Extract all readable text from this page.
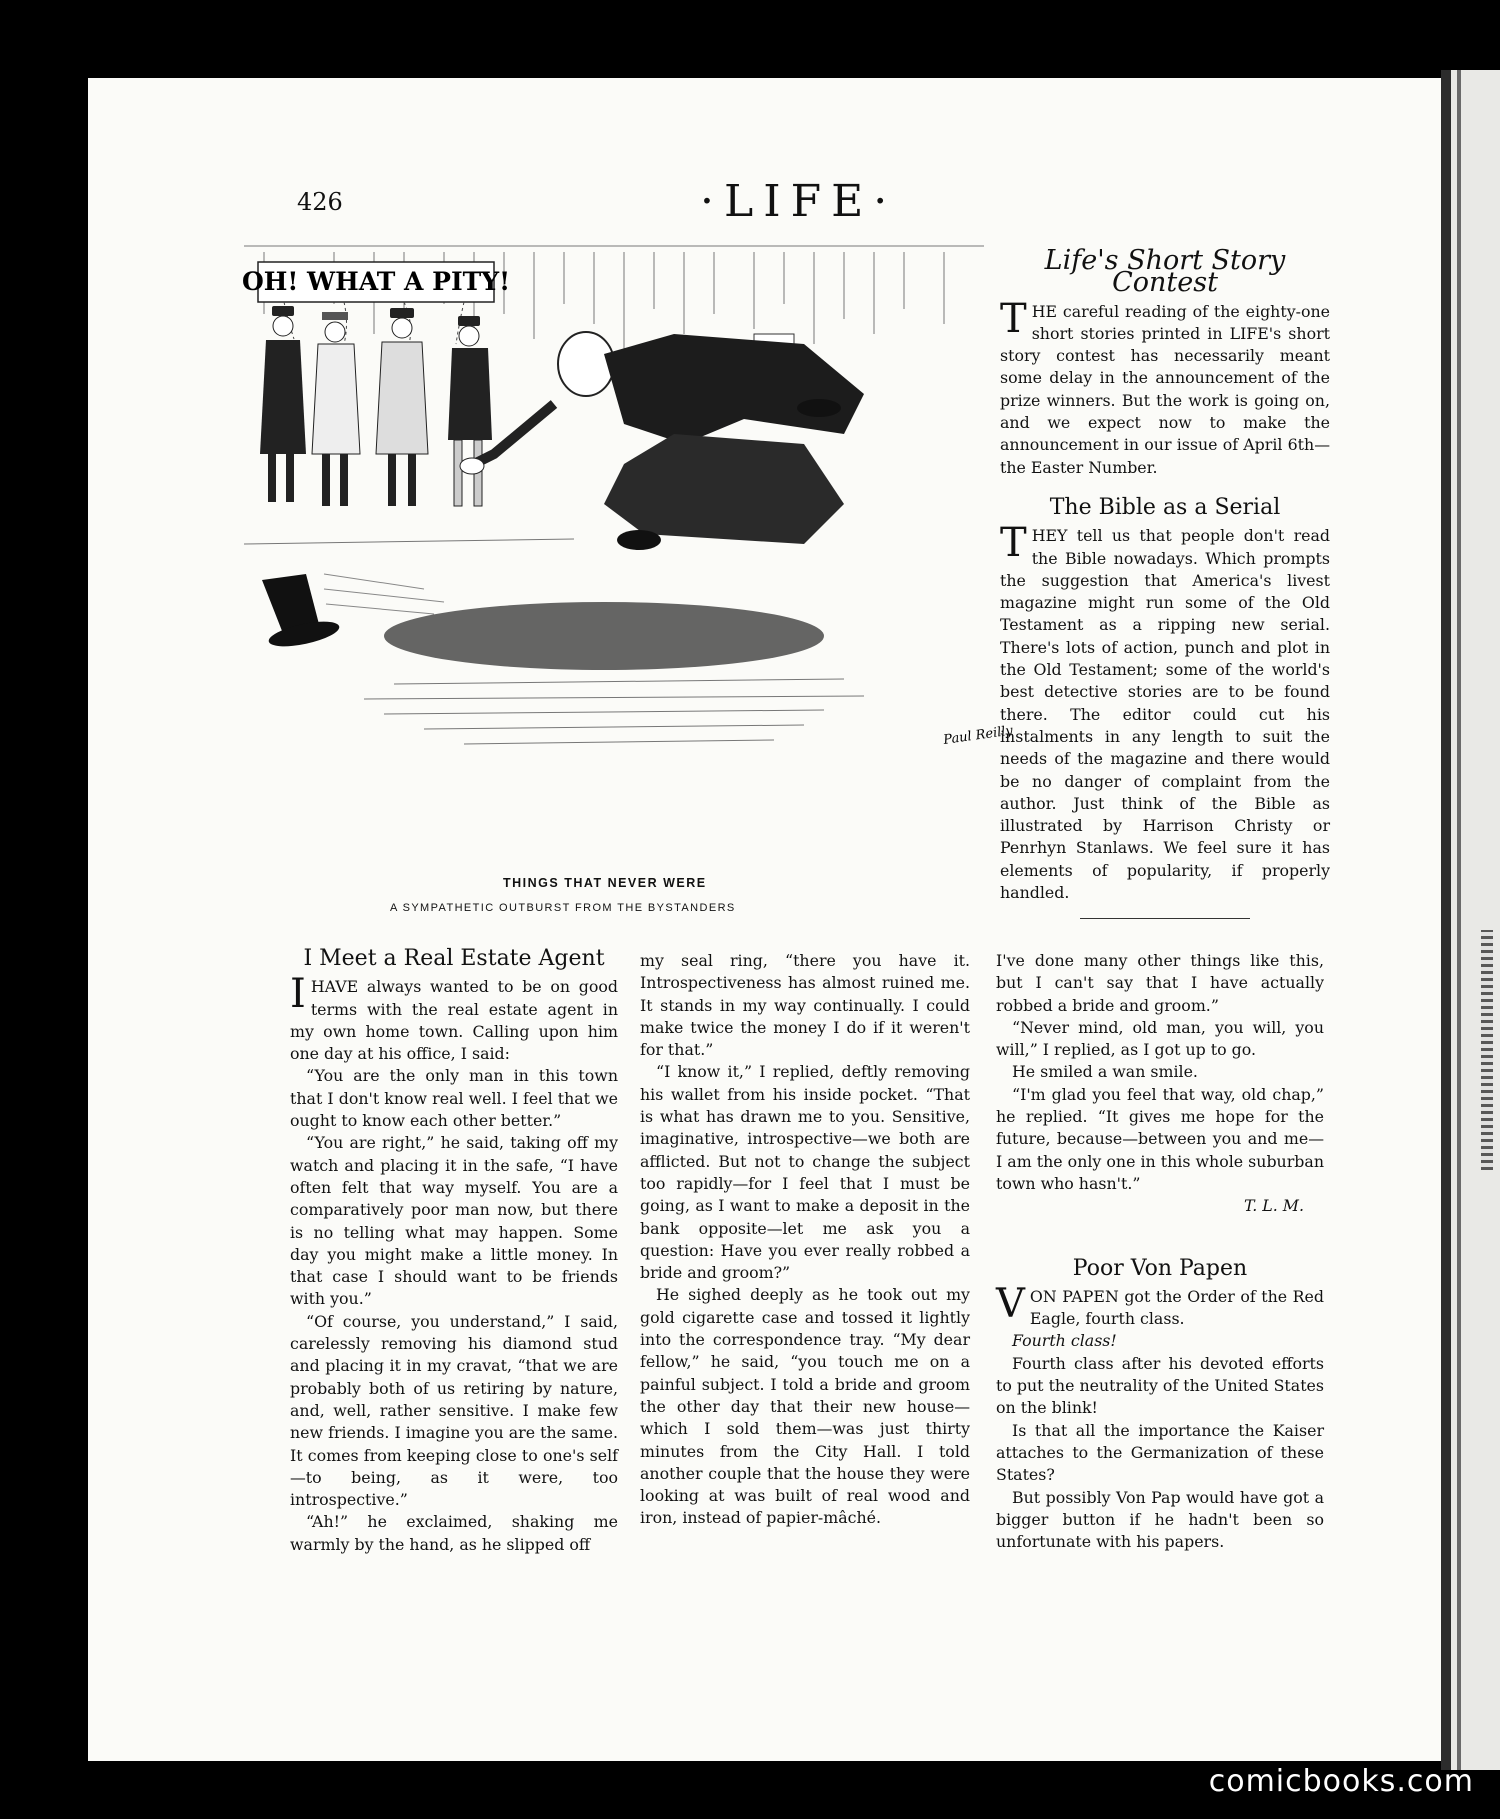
426	·LIFE·
OH! WHAT A PITY!
Paul Reilly
THINGS THAT NEVER WERE
A SYMPATHETIC OUTBURST FROM THE BYSTANDERS
Life's Short Story Contest

THE careful reading of the eighty-one short stories printed in LIFE's short story contest has necessarily meant some delay in the announcement of the prize winners. But the work is going on, and we expect now to make the announcement in our issue of April 6th—the Easter Number.

The Bible as a Serial

THEY tell us that people don't read the Bible nowadays. Which prompts the suggestion that America's livest magazine might run some of the Old Testament as a ripping new serial. There's lots of action, punch and plot in the Old Testament; some of the world's best detective stories are to be found there. The editor could cut his instalments in any length to suit the needs of the magazine and there would be no danger of complaint from the author. Just think of the Bible as illustrated by Harrison Christy or Penrhyn Stanlaws. We feel sure it has elements of popularity, if properly handled.

I Meet a Real Estate Agent

IHAVE always wanted to be on good terms with the real estate agent in my own home town. Calling upon him one day at his office, I said:

“You are the only man in this town that I don't know real well. I feel that we ought to know each other better.”

“You are right,” he said, taking off my watch and placing it in the safe, “I have often felt that way myself. You are a comparatively poor man now, but there is no telling what may happen. Some day you might make a little money. In that case I should want to be friends with you.”

“Of course, you understand,” I said, carelessly removing his diamond stud and placing it in my cravat, “that we are probably both of us retiring by nature, and, well, rather sensitive. I make few new friends. I imagine you are the same. It comes from keeping close to one's self—to being, as it were, too introspective.”

“Ah!” he exclaimed, shaking me warmly by the hand, as he slipped off

my seal ring, “there you have it. Introspectiveness has almost ruined me. It stands in my way continually. I could make twice the money I do if it weren't for that.”

“I know it,” I replied, deftly removing his wallet from his inside pocket. “That is what has drawn me to you. Sensitive, imaginative, introspective—we both are afflicted. But not to change the subject too rapidly—for I feel that I must be going, as I want to make a deposit in the bank opposite—let me ask you a question: Have you ever really robbed a bride and groom?”

He sighed deeply as he took out my gold cigarette case and tossed it lightly into the correspondence tray. “My dear fellow,” he said, “you touch me on a painful subject. I told a bride and groom the other day that their new house—which I sold them—was just thirty minutes from the City Hall. I told another couple that the house they were looking at was built of real wood and iron, instead of papier-mâché.

I've done many other things like this, but I can't say that I have actually robbed a bride and groom.”

“Never mind, old man, you will, you will,” I replied, as I got up to go.

He smiled a wan smile.

“I'm glad you feel that way, old chap,” he replied. “It gives me hope for the future, because—between you and me—I am the only one in this whole suburban town who hasn't.”

T. L. M.
Poor Von Papen

VON PAPEN got the Order of the Red Eagle, fourth class.

Fourth class!

Fourth class after his devoted efforts to put the neutrality of the United States on the blink!

Is that all the importance the Kaiser attaches to the Germanization of these States?

But possibly Von Pap would have got a bigger button if he hadn't been so unfortunate with his papers.

comicbooks.com
